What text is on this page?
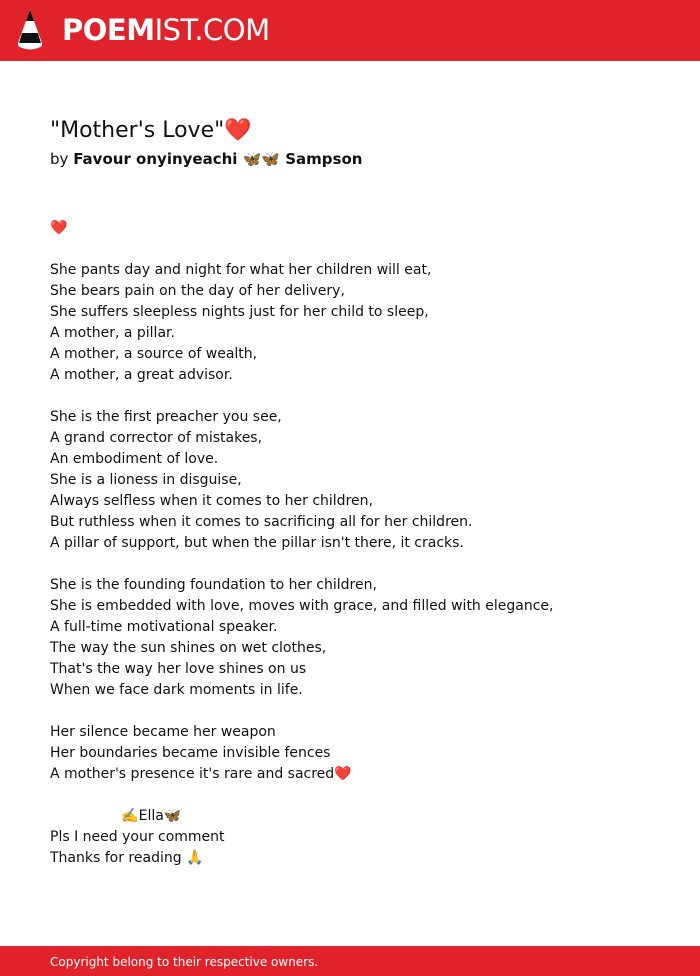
POEMIST.COM
"Mother's Love"❤️
by Favour onyinyeachi 🦋🦋 Sampson
❤️
She pants day and night for what her children will eat,
She bears pain on the day of her delivery,
She suffers sleepless nights just for her child to sleep,
A mother, a pillar.
A mother, a source of wealth,
A mother, a great advisor.
She is the first preacher you see,
A grand corrector of mistakes,
An embodiment of love.
She is a lioness in disguise,
Always selfless when it comes to her children,
But ruthless when it comes to sacrificing all for her children.
A pillar of support, but when the pillar isn't there, it cracks.
She is the founding foundation to her children,
She is embedded with love, moves with grace, and filled with elegance,
A full-time motivational speaker.
The way the sun shines on wet clothes,
That's the way her love shines on us
When we face dark moments in life.
Her silence became her weapon
Her boundaries became invisible fences
A mother's presence it's rare and sacred❤️
✍️Ella🦋
Pls I need your comment
Thanks for reading 🙏
Copyright belong to their respective owners.
